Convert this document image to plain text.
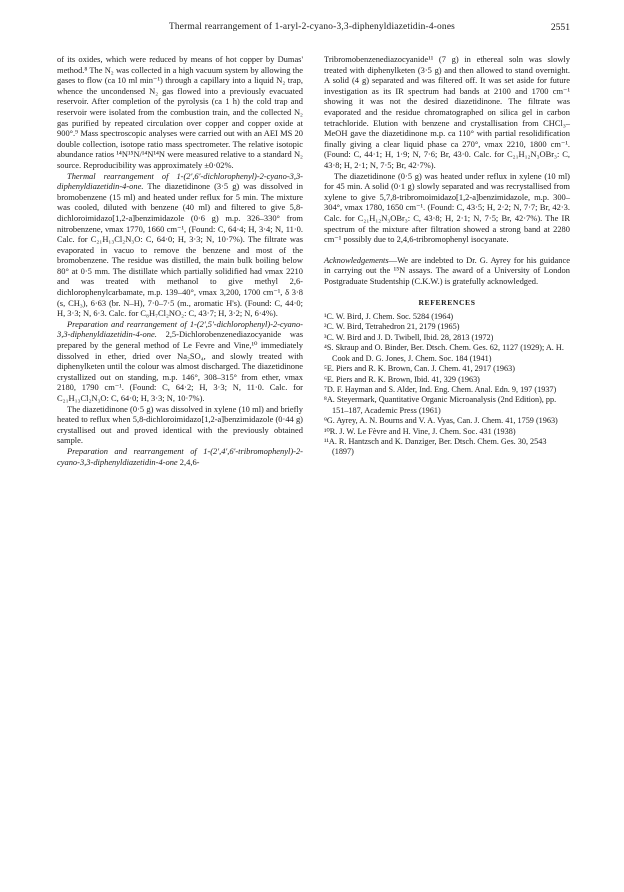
Thermal rearrangement of 1-aryl-2-cyano-3,3-diphenyldiazetidin-4-ones	2551

of its oxides, which were reduced by means of hot copper by Dumas' method.⁸ The N₂ was collected in a high vacuum system by allowing the gases to flow (ca 10 ml min⁻¹) through a capillary into a liquid N₂ trap, whence the uncondensed N₂ gas flowed into a previously evacuated reservoir. After completion of the pyrolysis (ca 1 h) the cold trap and reservoir were isolated from the combustion train, and the collected N₂ gas purified by repeated circulation over copper and copper oxide at 900°.⁹ Mass spectroscopic analyses were carried out with an AEI MS 20 double collection, isotope ratio mass spectrometer. The relative isotopic abundance ratios ¹⁴N¹⁵N/¹⁴N¹⁴N were measured relative to a standard N₂ source. Reproducibility was approximately ±0·02%.

Thermal rearrangement of 1-(2',6'-dichlorophenyl)-2-cyano-3,3-diphenyldiazetidin-4-one. The diazetidinone (3·5 g) was dissolved in bromobenzene (15 ml) and heated under reflux for 5 min. The mixture was cooled, diluted with benzene (40 ml) and filtered to give 5,8-dichloroimidazo[1,2-a]benzimidazole (0·6 g) m.p. 326–330° from nitrobenzene, νmax 1770, 1660 cm⁻¹, (Found: C, 64·4; H, 3·4; N, 11·0. Calc. for C₂₁H₁₃Cl₂N₃O: C, 64·0; H, 3·3; N, 10·7%). The filtrate was evaporated in vacuo to remove the benzene and most of the bromobenzene. The residue was distilled, the main bulk boiling below 80° at 0·5 mm. The distillate which partially solidified had νmax 2210 and was treated with methanol to give methyl 2,6-dichlorophenylcarbamate, m.p. 139–40°, νmax 3,200, 1700 cm⁻¹, δ 3·8 (s, CH₃), 6·63 (br. N–H), 7·0–7·5 (m., aromatic H's). (Found: C, 44·0; H, 3·3; N, 6·3. Calc. for C₈H₇Cl₂NO₂: C, 43·7; H, 3·2; N, 6·4%).

Preparation and rearrangement of 1-(2',5'-dichlorophenyl)-2-cyano-3,3-diphenyldiazetidin-4-one. 2,5-Dichlorobenzenediazocyanide was prepared by the general method of Le Fevre and Vine,¹⁰ immediately dissolved in ether, dried over Na₂SO₄, and slowly treated with diphenylketen until the colour was almost discharged. The diazetidinone crystallized out on standing, m.p. 146°, 308–315° from ether, νmax 2180, 1790 cm⁻¹. (Found: C, 64·2; H, 3·3; N, 11·0. Calc. for C₂₁H₁₃Cl₂N₃O: C, 64·0; H, 3·3; N, 10·7%).

The diazetidinone (0·5 g) was dissolved in xylene (10 ml) and briefly heated to reflux when 5,8-dichloroimidazo[1,2-a]benzimidazole (0·44 g) crystallised out and proved identical with the previously obtained sample.

Preparation and rearrangement of 1-(2',4',6'-tribromophenyl)-2-cyano-3,3-diphenyldiazetidin-4-one 2,4,6-

Tribromobenzenediazocyanide¹¹ (7 g) in ethereal soln was slowly treated with diphenylketen (3·5 g) and then allowed to stand overnight. A solid (4 g) separated and was filtered off. It was set aside for future investigation as its IR spectrum had bands at 2100 and 1700 cm⁻¹ showing it was not the desired diazetidinone. The filtrate was evaporated and the residue chromatographed on silica gel in carbon tetrachloride. Elution with benzene and crystallisation from CHCl₃–MeOH gave the diazetidinone m.p. ca 110° with partial resolidification finally giving a clear liquid phase ca 270°, νmax 2210, 1800 cm⁻¹. (Found: C, 44·1; H, 1·9; N, 7·6; Br, 43·0. Calc. for C₂₁H₁₂N₃OBr₃: C, 43·8; H, 2·1; N, 7·5; Br, 42·7%).

The diazetidinone (0·5 g) was heated under reflux in xylene (10 ml) for 45 min. A solid (0·1 g) slowly separated and was recrystallised from xylene to give 5,7,8-tribromoimidazo[1,2-a]benzimidazole, m.p. 300–304°, νmax 1780, 1650 cm⁻¹. (Found: C, 43·5; H, 2·2; N, 7·7; Br, 42·3. Calc. for C₂₁H₁₂N₃OBr₃: C, 43·8; H, 2·1; N, 7·5; Br, 42·7%). The IR spectrum of the mixture after filtration showed a strong band at 2280 cm⁻¹ possibly due to 2,4,6-tribromophenyl isocyanate.

Acknowledgements—We are indebted to Dr. G. Ayrey for his guidance in carrying out the ¹⁵N assays. The award of a University of London Postgraduate Studentship (C.K.W.) is gratefully acknowledged.

REFERENCES
¹C. W. Bird, J. Chem. Soc. 5284 (1964)
²C. W. Bird, Tetrahedron 21, 2179 (1965)
³C. W. Bird and J. D. Twibell, Ibid. 28, 2813 (1972)
⁴S. Skraup and O. Binder, Ber. Dtsch. Chem. Ges. 62, 1127 (1929); A. H. Cook and D. G. Jones, J. Chem. Soc. 184 (1941)
⁵E. Piers and R. K. Brown, Can. J. Chem. 41, 2917 (1963)
⁶E. Piers and R. K. Brown, Ibid. 41, 329 (1963)
⁷D. F. Hayman and S. Alder, Ind. Eng. Chem. Anal. Edn. 9, 197 (1937)
⁸A. Steyermark, Quantitative Organic Microanalysis (2nd Edition), pp. 151–187, Academic Press (1961)
⁹G. Ayrey, A. N. Bourns and V. A. Vyas, Can. J. Chem. 41, 1759 (1963)
¹⁰R. J. W. Le Fèvre and H. Vine, J. Chem. Soc. 431 (1938)
¹¹A. R. Hantzsch and K. Danziger, Ber. Dtsch. Chem. Ges. 30, 2543 (1897)
